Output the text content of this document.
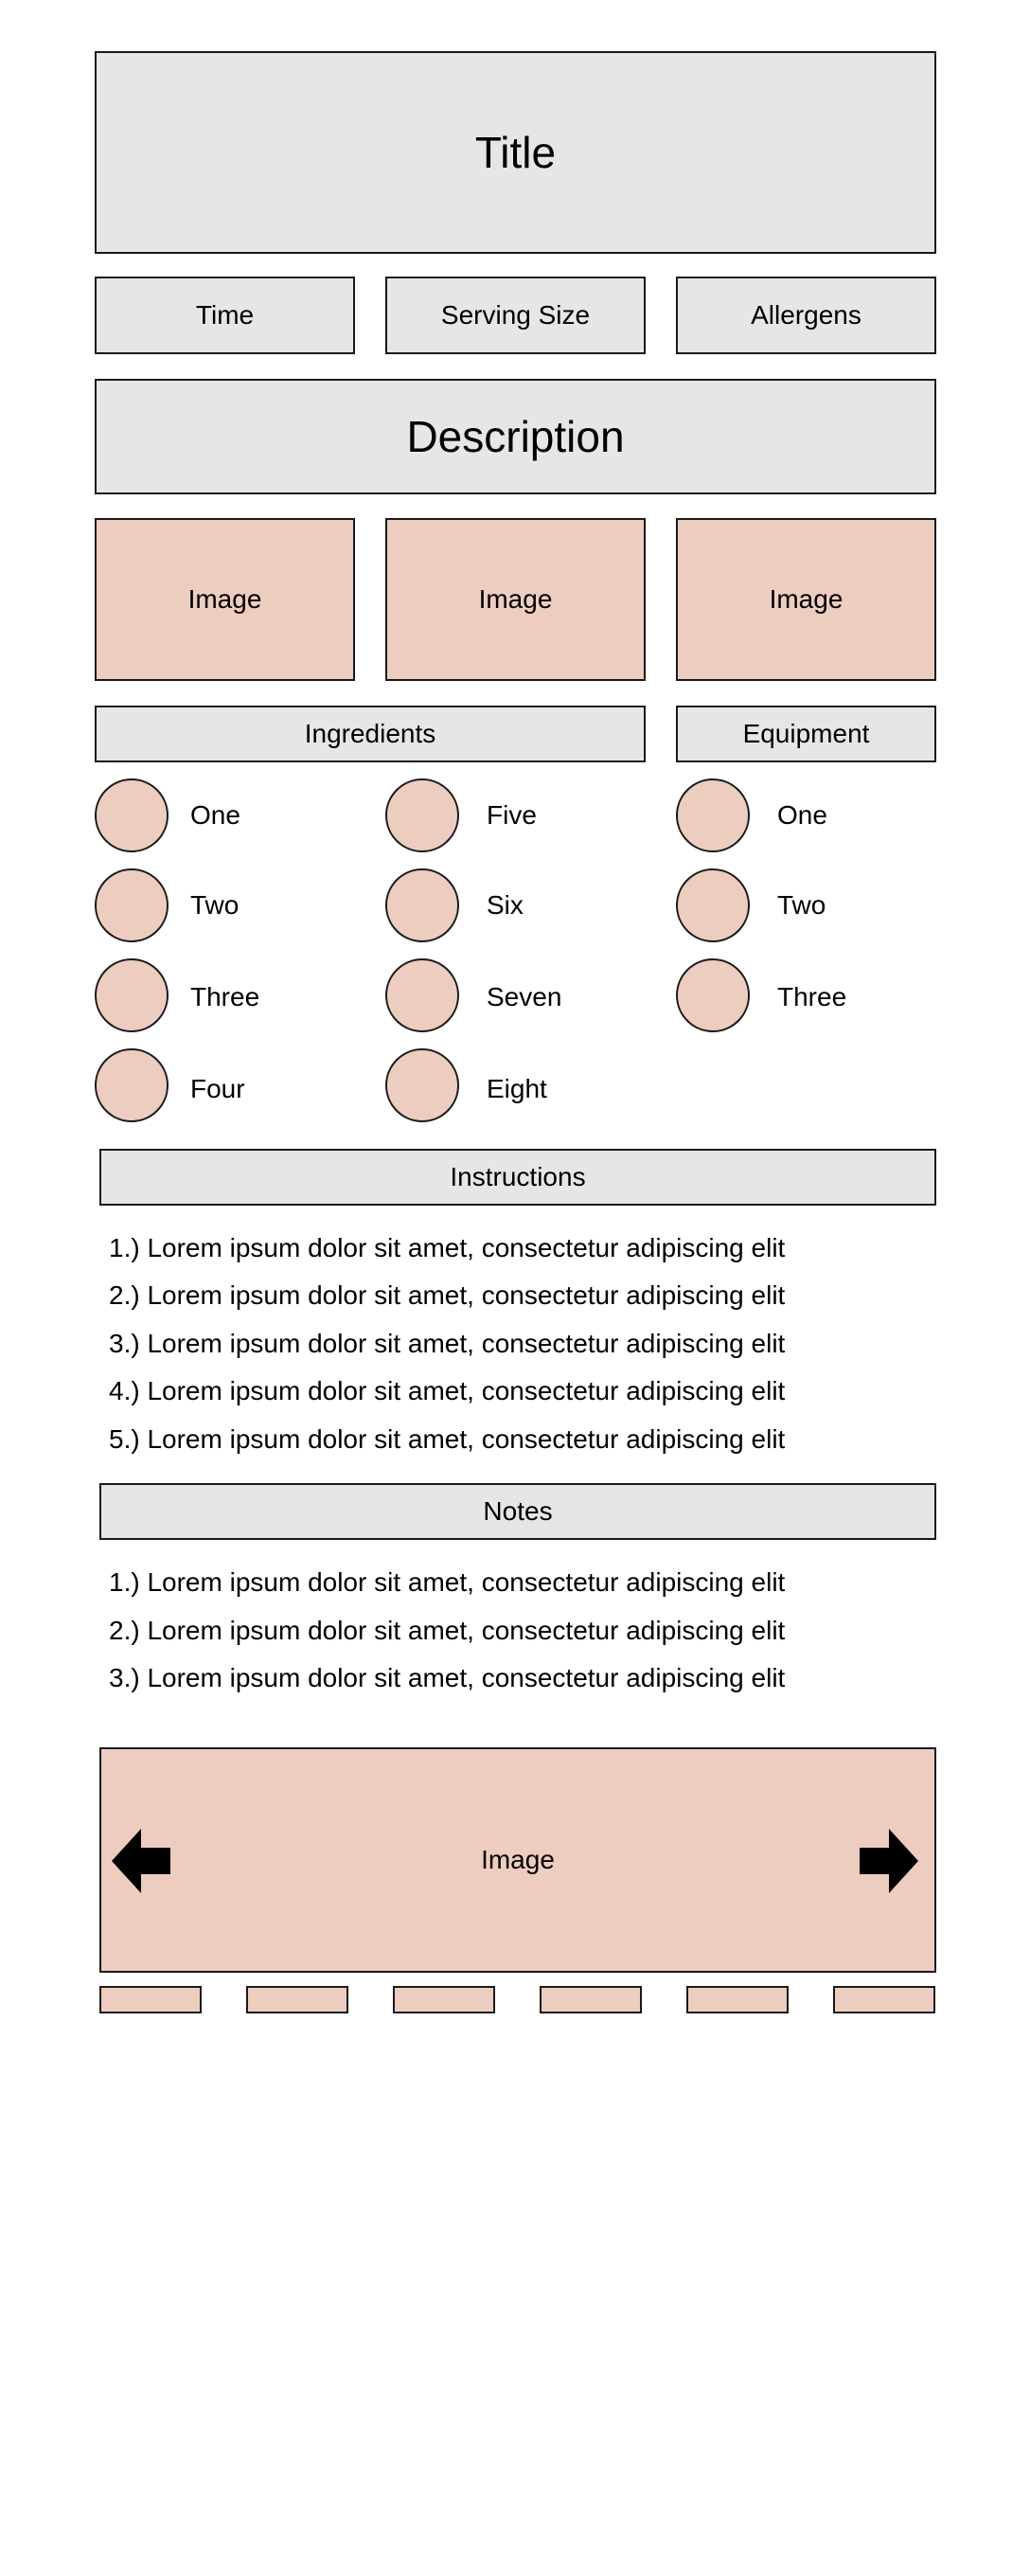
Title
Time	Serving Size	Allergens
Description
Image	Image	Image
Ingredients	Equipment
One
Two
Three
Four
Five
Six
Seven
Eight
One
Two
Three
Instructions
1.) Lorem ipsum dolor sit amet, consectetur adipiscing elit
2.) Lorem ipsum dolor sit amet, consectetur adipiscing elit
3.) Lorem ipsum dolor sit amet, consectetur adipiscing elit
4.) Lorem ipsum dolor sit amet, consectetur adipiscing elit
5.) Lorem ipsum dolor sit amet, consectetur adipiscing elit
Notes
1.) Lorem ipsum dolor sit amet, consectetur adipiscing elit
2.) Lorem ipsum dolor sit amet, consectetur adipiscing elit
3.) Lorem ipsum dolor sit amet, consectetur adipiscing elit
Image
